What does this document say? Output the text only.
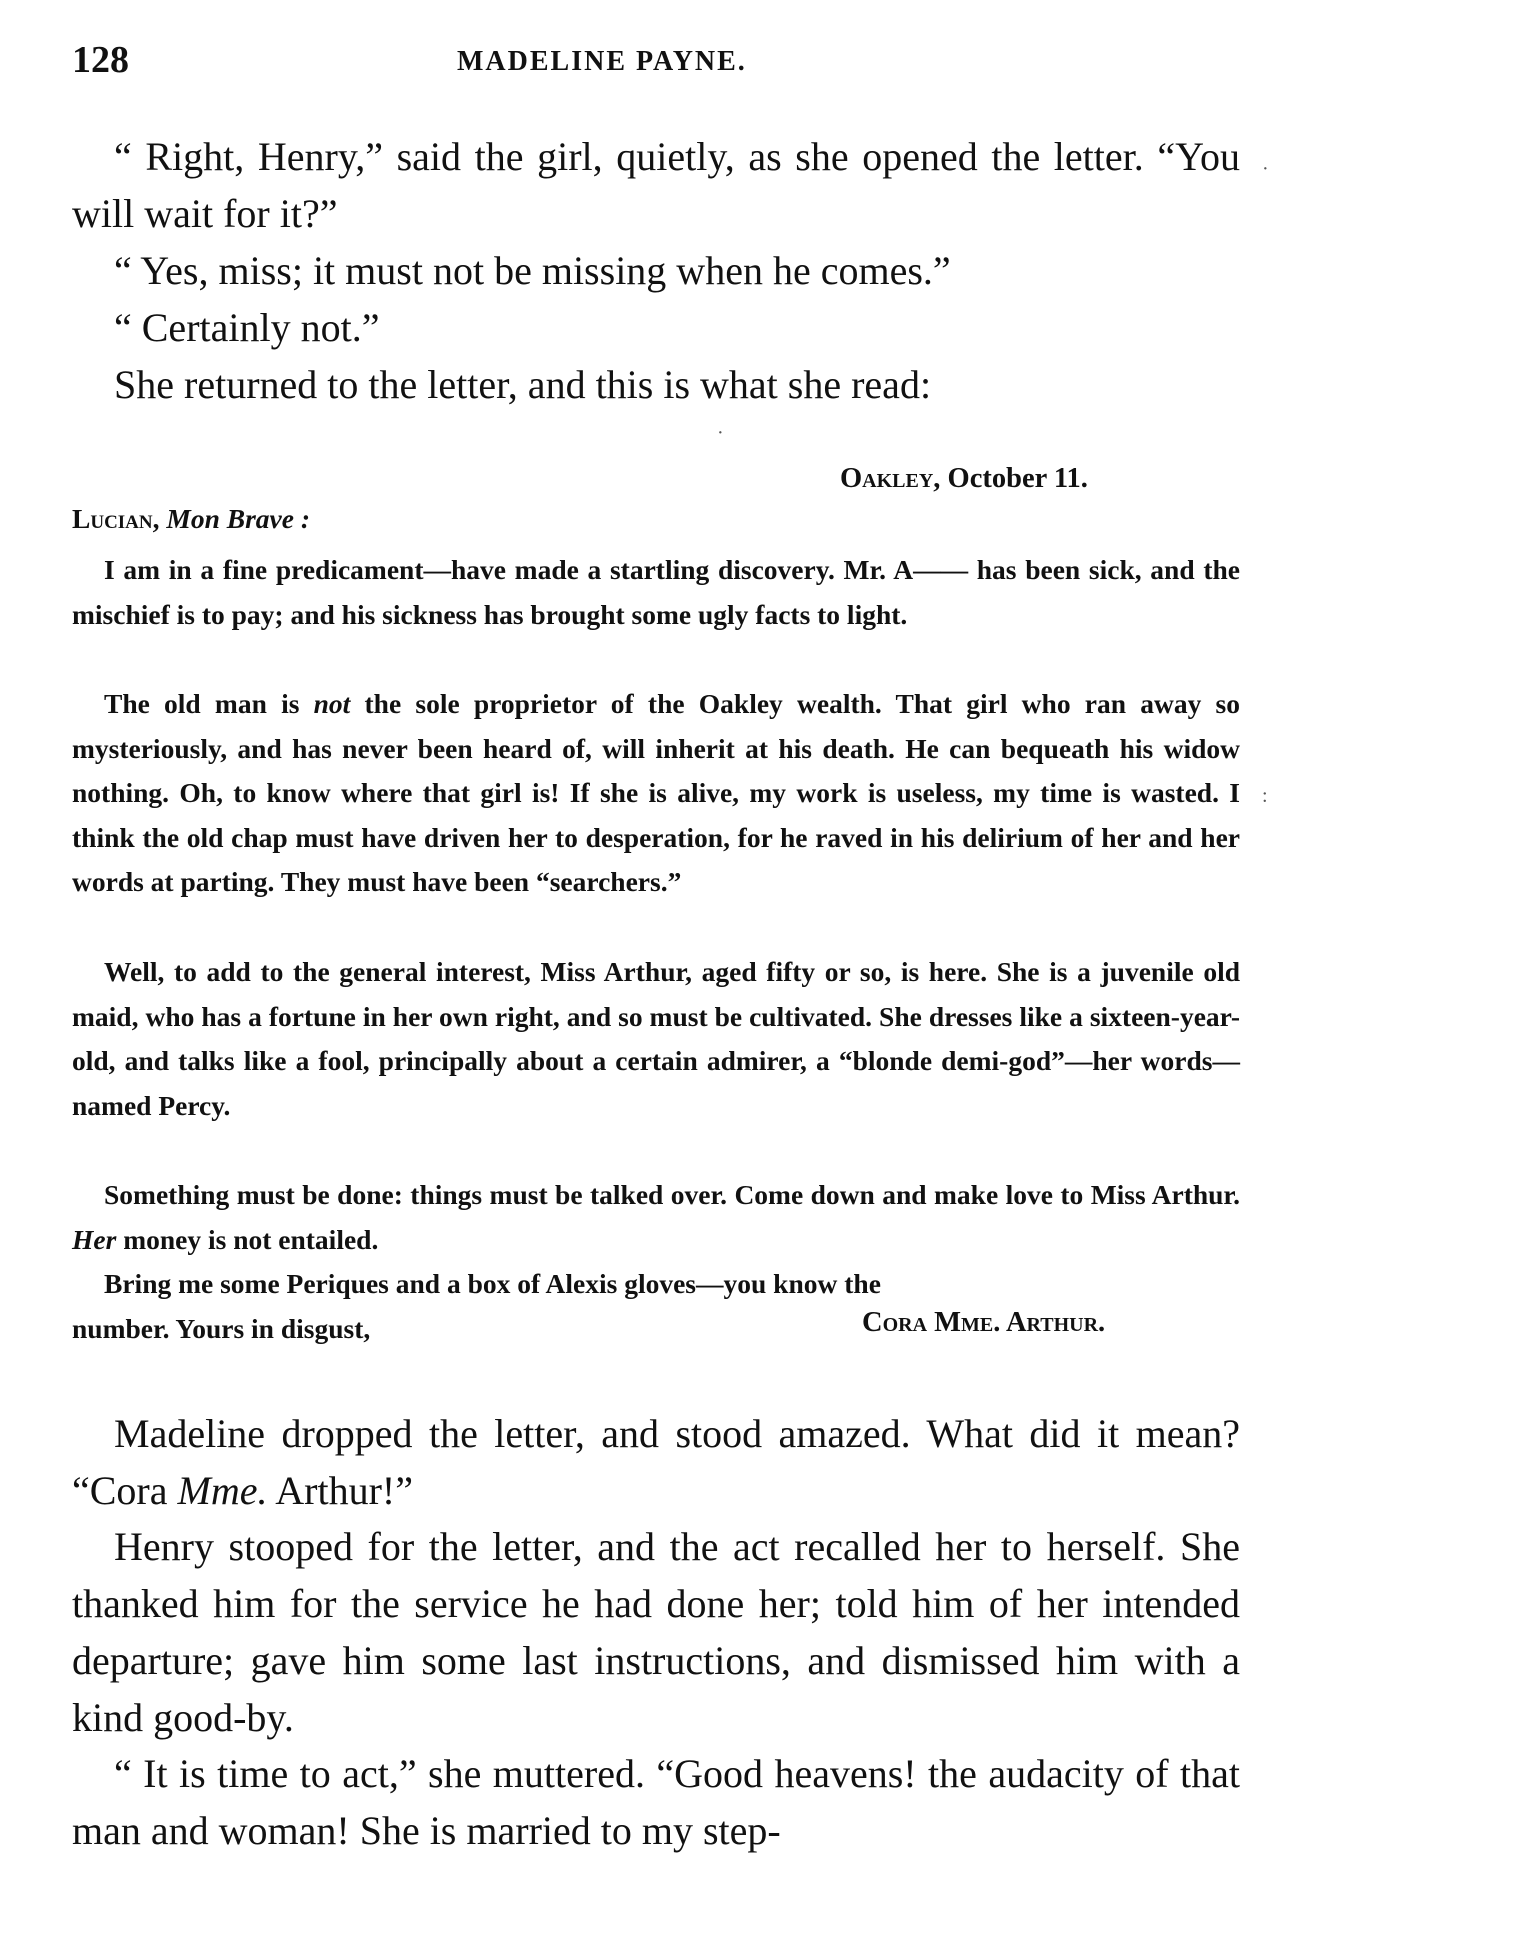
128	MADELINE PAYNE.

“ Right, Henry,” said the girl, quietly, as she opened the letter. “You will wait for it?”

“ Yes, miss; it must not be missing when he comes.”

“ Certainly not.”

She returned to the letter, and this is what she read:

Oakley, October 11.

Lucian, Mon Brave :

I am in a fine predicament—have made a startling discovery. Mr. A—— has been sick, and the mischief is to pay; and his sickness has brought some ugly facts to light.

The old man is not the sole proprietor of the Oakley wealth. That girl who ran away so mysteriously, and has never been heard of, will inherit at his death. He can bequeath his widow nothing. Oh, to know where that girl is! If she is alive, my work is useless, my time is wasted. I think the old chap must have driven her to desperation, for he raved in his delirium of her and her words at parting. They must have been “searchers.”

Well, to add to the general interest, Miss Arthur, aged fifty or so, is here. She is a juvenile old maid, who has a fortune in her own right, and so must be cultivated. She dresses like a sixteen-year-old, and talks like a fool, principally about a certain admirer, a “blonde demi-god”—her words—named Percy.

Something must be done: things must be talked over. Come down and make love to Miss Arthur. Her money is not entailed.

Bring me some Periques and a box of Alexis gloves—you know the

number. Yours in disgust,	Cora Mme. Arthur.

Madeline dropped the letter, and stood amazed. What did it mean? “Cora Mme. Arthur!”

Henry stooped for the letter, and the act recalled her to herself. She thanked him for the service he had done her; told him of her intended departure; gave him some last instructions, and dismissed him with a kind good-by.

“ It is time to act,” she muttered. “Good heavens! the audacity of that man and woman! She is married to my step-

·
·
:
